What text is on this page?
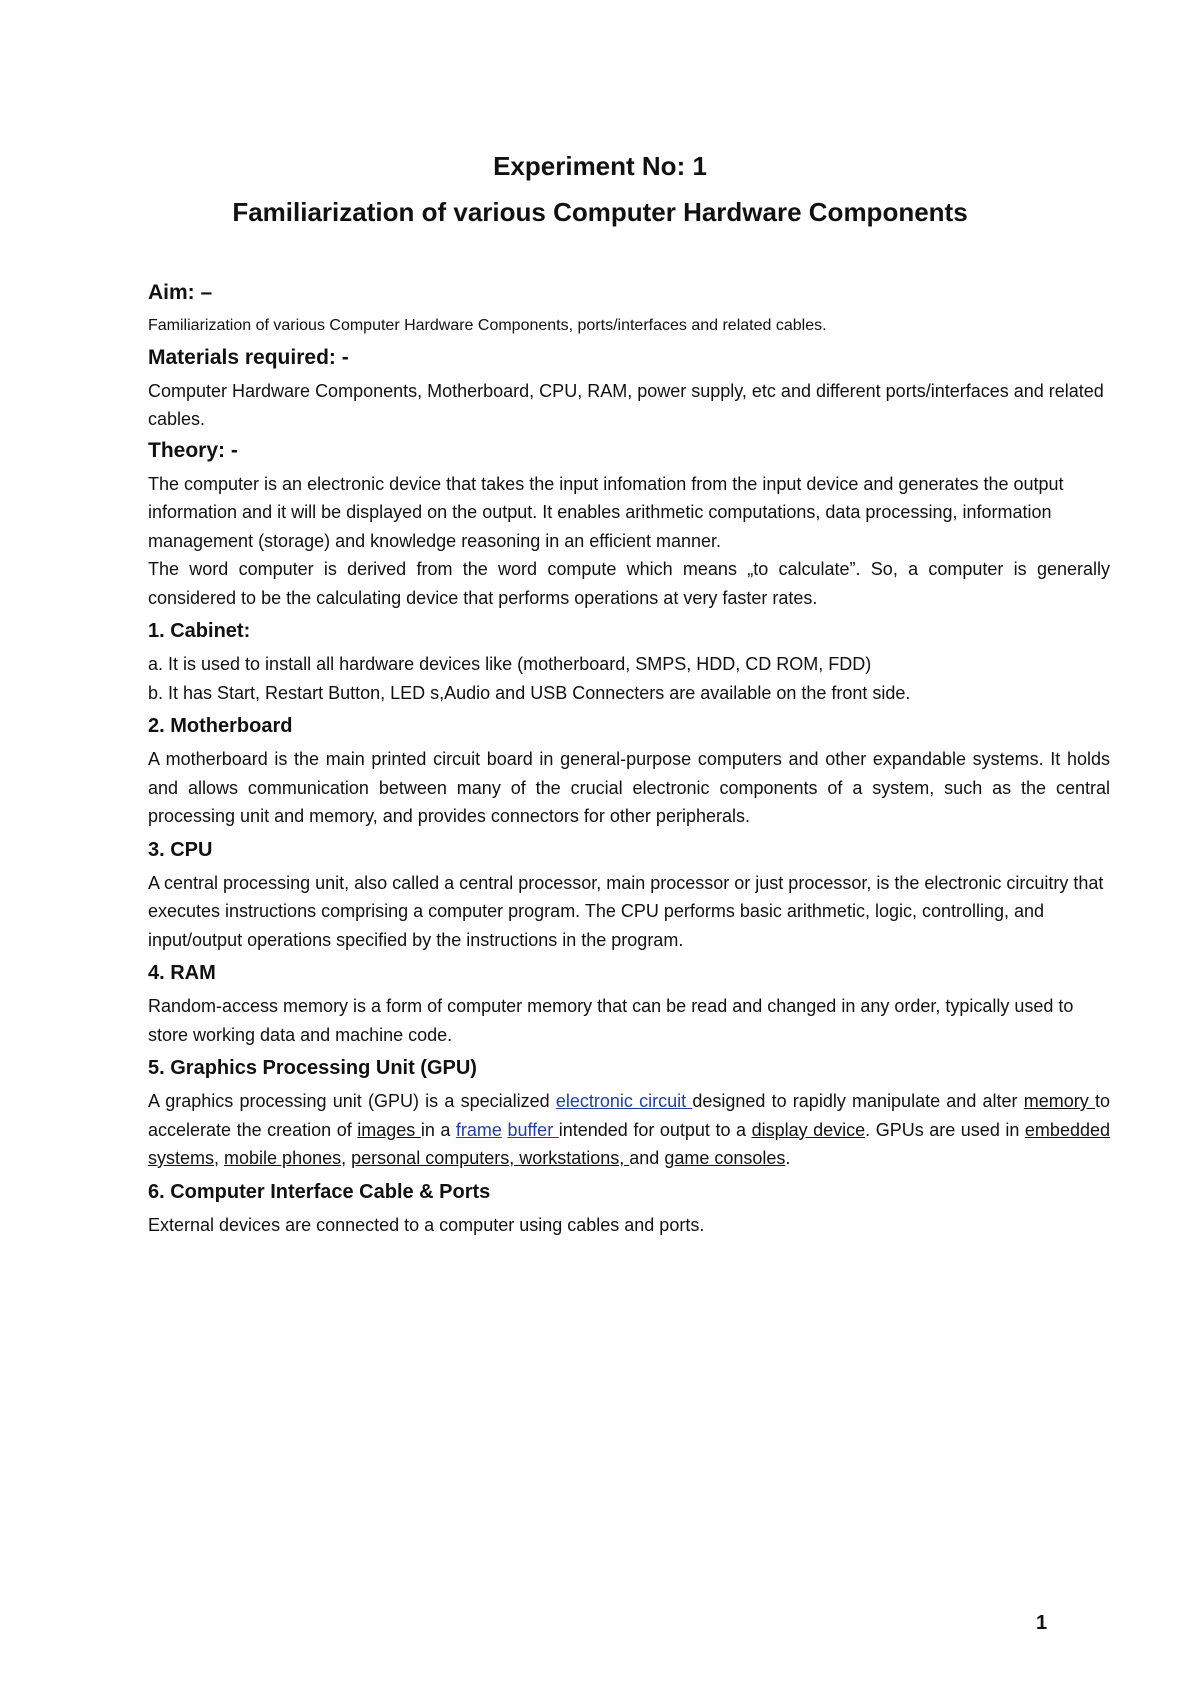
​
Experiment No: 1
Familiarization of various Computer Hardware Components
Aim: –

Familiarization of various Computer Hardware Components, ports/interfaces and related cables.

Materials required: -

Computer Hardware Components, Motherboard, CPU, RAM, power supply, etc and different ports/interfaces and related cables.

Theory: -

The computer is an electronic device that takes the input infomation from the input device and generates the output information and it will be displayed on the output. It enables arithmetic computations, data processing, information management (storage) and knowledge reasoning in an efficient manner.

The word computer is derived from the word compute which means „to calculate”. So, a computer is generally considered to be the calculating device that performs operations at very faster rates.

1. Cabinet:

a. It is used to install all hardware devices like (motherboard, SMPS, HDD, CD ROM, FDD)

b. It has Start, Restart Button, LED s,Audio and USB Connecters are available on the front side.

2. Motherboard

A motherboard is the main printed circuit board in general-purpose computers and other expandable systems. It holds and allows communication between many of the crucial electronic components of a system, such as the central processing unit and memory, and provides connectors for other peripherals.

3. CPU

A central processing unit, also called a central processor, main processor or just processor, is the electronic circuitry that executes instructions comprising a computer program. The CPU performs basic arithmetic, logic, controlling, and input/output operations specified by the instructions in the program.

4. RAM

Random-access memory is a form of computer memory that can be read and changed in any order, typically used to store working data and machine code.

5. Graphics Processing Unit (GPU)

A graphics processing unit (GPU) is a specialized electronic circuit designed to rapidly manipulate and alter memory to accelerate the creation of images in a frame buffer intended for output to a display device. GPUs are used in embedded systems, mobile phones, personal computers, workstations, and game consoles.

6. Computer Interface Cable & Ports

External devices are connected to a computer using cables and ports.

1
